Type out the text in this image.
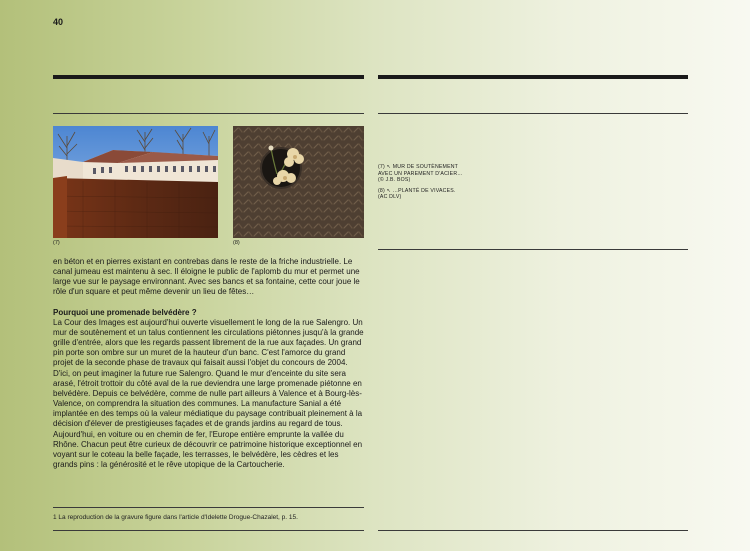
40
(7)	(8)

(7) ↖ MUR DE SOUTÈNEMENT
AVEC UN PAREMENT D'ACIER…
(© J.B. BOS)

(8) ↖ …PLANTÉ DE VIVACES.
(AC DLV)

en béton et en pierres existant en contrebas dans le reste de la friche industrielle. Le canal jumeau est maintenu à sec. Il éloigne le public de l'aplomb du mur et permet une large vue sur le paysage environnant. Avec ses bancs et sa fontaine, cette cour joue le rôle d'un square et peut même devenir un lieu de fêtes…

Pourquoi une promenade belvédère ?

La Cour des Images est aujourd'hui ouverte visuellement le long de la rue Salengro. Un mur de soutènement et un talus contiennent les circulations piétonnes jusqu'à la grande grille d'entrée, alors que les regards passent librement de la rue aux façades. Un grand pin porte son ombre sur un muret de la hauteur d'un banc. C'est l'amorce du grand projet de la seconde phase de travaux qui faisait aussi l'objet du concours de 2004. D'ici, on peut imaginer la future rue Salengro. Quand le mur d'enceinte du site sera arasé, l'étroit trottoir du côté aval de la rue deviendra une large promenade piétonne en belvédère. Depuis ce belvédère, comme de nulle part ailleurs à Valence et à Bourg-lès-Valence, on comprendra la situation des communes. La manufacture Sanial a été implantée en des temps où la valeur médiatique du paysage contribuait pleinement à la décision d'élever de prestigieuses façades et de grands jardins au regard de tous.

Aujourd'hui, en voiture ou en chemin de fer, l'Europe entière emprunte la vallée du Rhône. Chacun peut être curieux de découvrir ce patrimoine historique exceptionnel en voyant sur le coteau la belle façade, les terrasses, le belvédère, les cèdres et les grands pins : la générosité et le rêve utopique de la Cartoucherie.

1 La reproduction de la gravure figure dans l'article d'Idelette Drogue-Chazalet, p. 15.
